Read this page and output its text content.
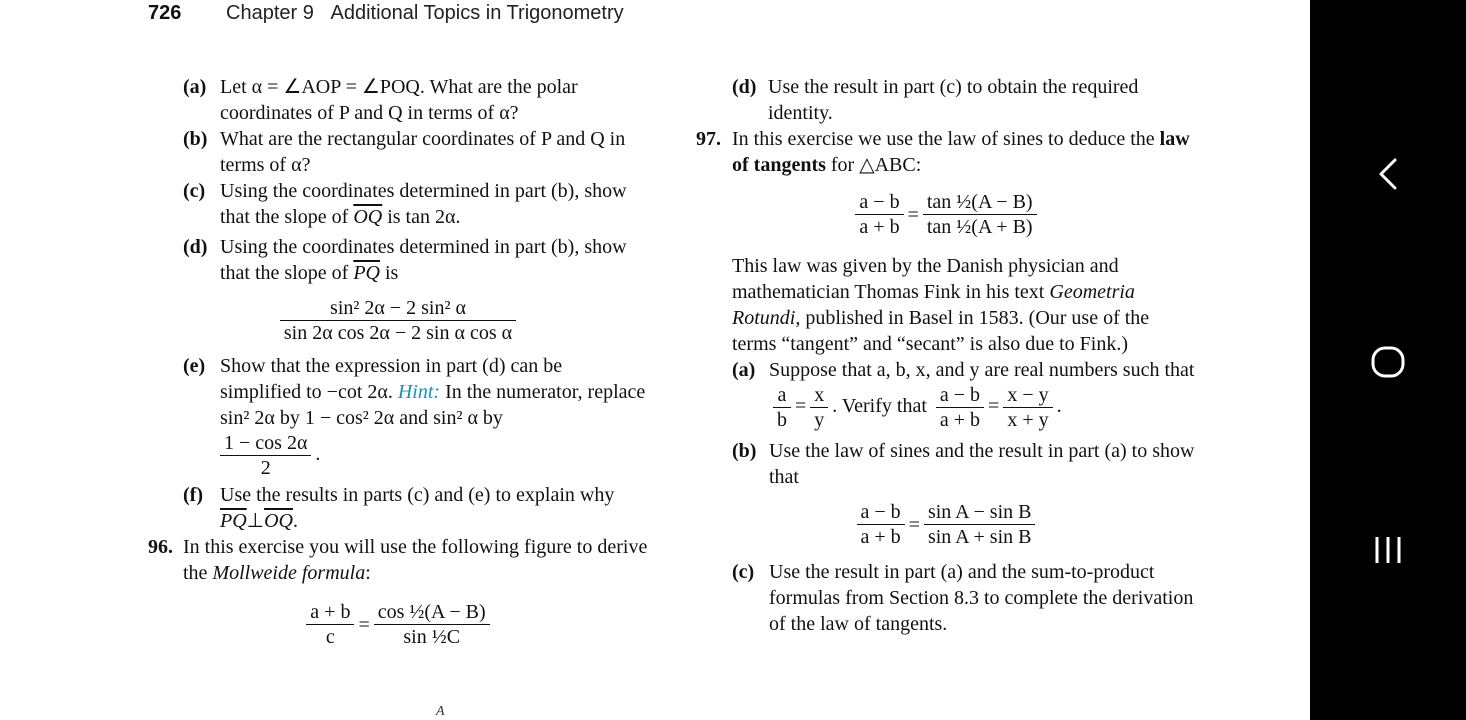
726 Chapter 9 Additional Topics in Trigonometry
(a) Let α = ∠AOP = ∠POQ. What are the polar coordinates of P and Q in terms of α?
(b) What are the rectangular coordinates of P and Q in terms of α?
(c) Using the coordinates determined in part (b), show that the slope of $\overline{OQ}$ is tan 2α.
(d) Using the coordinates determined in part (b), show that the slope of $\overline{PQ}$ is
$\frac{\text{sin² 2α − 2 sin² α}}{\text{sin 2α cos 2α − 2 sin α cos α}}$
(e) Show that the expression in part (d) can be simplified to −cot 2α. Hint: In the numerator, replace sin² 2α by 1 − cos² 2α and sin² α by

$\frac{1 - \cos 2\alpha}{2}$ .
(f) Use the results in parts (c) and (e) to explain why $\overline{PQ}\perp\overline{OQ}$.
96. In this exercise you will use the following figure to derive the Mollweide formula:
$\frac{a + b}{c} = \frac{\text{cos ½(A − B)}}{\text{sin ½C}}$
A
(d) Use the result in part (c) to obtain the required identity.
97. In this exercise we use the law of sines to deduce the law of tangents for △ABC:
$\frac{a - b}{a + b} = \frac{\text{tan ½(A − B)}}{\text{tan ½(A + B)}}$
This law was given by the Danish physician and mathematician Thomas Fink in his text Geometria Rotundi, published in Basel in 1583. (Our use of the terms “tangent” and “secant” is also due to Fink.)
(a) Suppose that a, b, x, and y are real numbers such that
$\frac{a}{b} = \frac{x}{y}$ . Verify that $\frac{a - b}{a + b} = \frac{x - y}{x + y}$ .
(b) Use the law of sines and the result in part (a) to show that
$\frac{a - b}{a + b} = \frac{\text{sin A − sin B}}{\text{sin A + sin B}}$
(c) Use the result in part (a) and the sum-to-product formulas from Section 8.3 to complete the derivation of the law of tangents.
